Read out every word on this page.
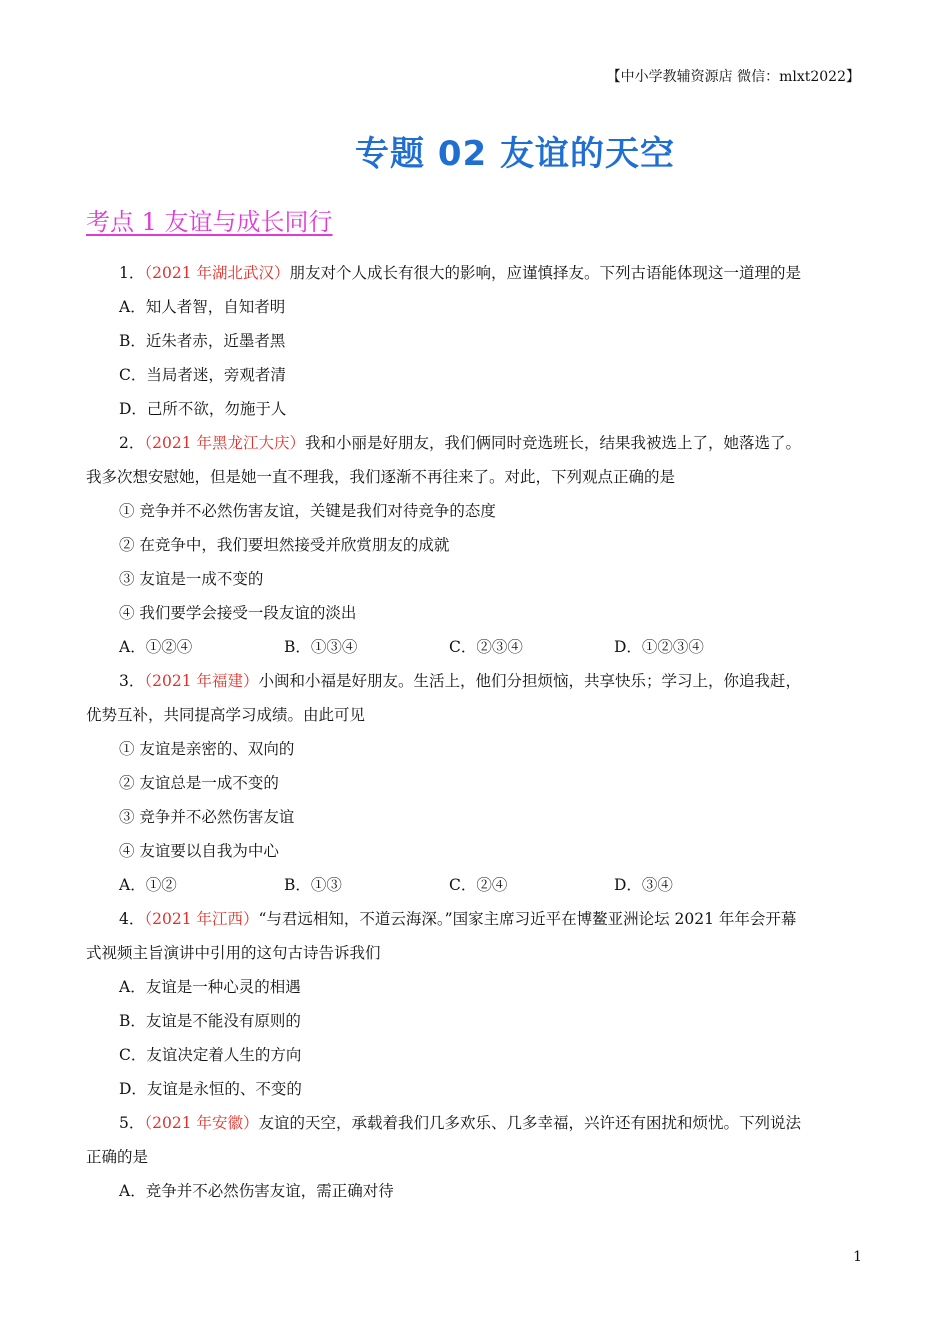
【中小学教辅资源店 微信：mlxt2022】
专题 02 友谊的天空
考点 1 友谊与成长同行
1．（2021 年湖北武汉）朋友对个人成长有很大的影响，应谨慎择友。下列古语能体现这一道理的是
A．知人者智，自知者明
B．近朱者赤，近墨者黑
C．当局者迷，旁观者清
D．己所不欲，勿施于人
2．（2021 年黑龙江大庆）我和小丽是好朋友，我们俩同时竞选班长，结果我被选上了，她落选了。
我多次想安慰她，但是她一直不理我，我们逐渐不再往来了。对此，下列观点正确的是
① 竞争并不必然伤害友谊，关键是我们对待竞争的态度
② 在竞争中，我们要坦然接受并欣赏朋友的成就
③ 友谊是一成不变的
④ 我们要学会接受一段友谊的淡出
A．①②④	B．①③④	C．②③④	D．①②③④
3．（2021 年福建）小闽和小福是好朋友。生活上，他们分担烦恼，共享快乐；学习上，你追我赶，
优势互补，共同提高学习成绩。由此可见
① 友谊是亲密的、双向的
② 友谊总是一成不变的
③ 竞争并不必然伤害友谊
④ 友谊要以自我为中心
A．①②	B．①③	C．②④	D．③④
4．（2021 年江西）“与君远相知，不道云海深。”国家主席习近平在博鳌亚洲论坛 2021 年年会开幕
式视频主旨演讲中引用的这句古诗告诉我们
A．友谊是一种心灵的相遇
B．友谊是不能没有原则的
C．友谊决定着人生的方向
D．友谊是永恒的、不变的
5．（2021 年安徽）友谊的天空，承载着我们几多欢乐、几多幸福，兴许还有困扰和烦忧。下列说法
正确的是
A．竞争并不必然伤害友谊，需正确对待
1
